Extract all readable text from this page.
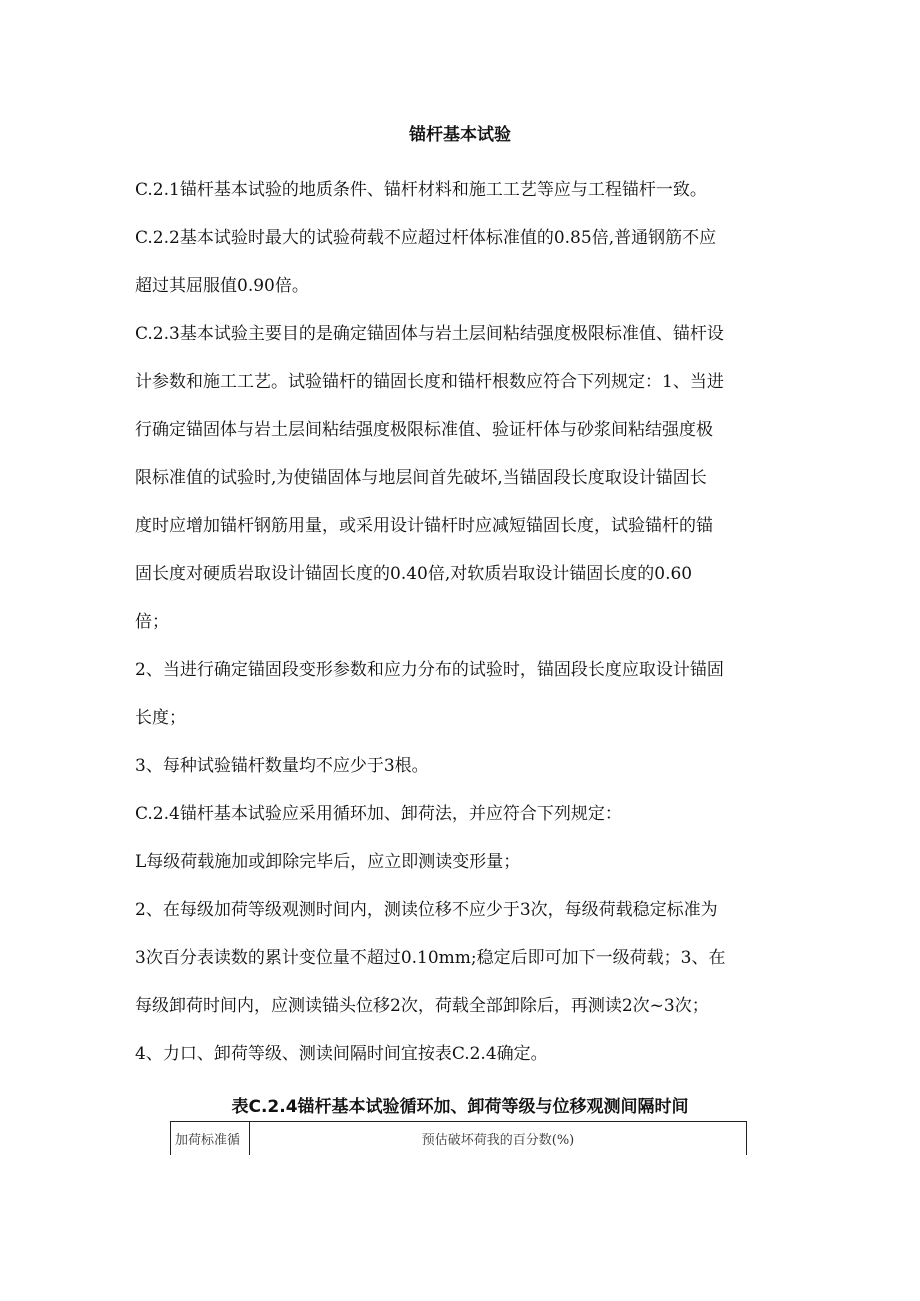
锚杆基本试验

C.2.1锚杆基本试验的地质条件、锚杆材料和施工工艺等应与工程锚杆一致。

C.2.2基本试验时最大的试验荷载不应超过杆体标准值的0.85倍,普通钢筋不应

超过其屈服值0.90倍。

C.2.3基本试验主要目的是确定锚固体与岩土层间粘结强度极限标准值、锚杆设

计参数和施工工艺。试验锚杆的锚固长度和锚杆根数应符合下列规定：1、当进

行确定锚固体与岩土层间粘结强度极限标准值、验证杆体与砂浆间粘结强度极

限标准值的试验时,为使锚固体与地层间首先破坏,当锚固段长度取设计锚固长

度时应增加锚杆钢筋用量，或采用设计锚杆时应减短锚固长度，试验锚杆的锚

固长度对硬质岩取设计锚固长度的0.40倍,对软质岩取设计锚固长度的0.60

倍；

2、当进行确定锚固段变形参数和应力分布的试验时，锚固段长度应取设计锚固

长度；

3、每种试验锚杆数量均不应少于3根。

C.2.4锚杆基本试验应采用循环加、卸荷法，并应符合下列规定：

L每级荷载施加或卸除完毕后，应立即测读变形量；

2、在每级加荷等级观测时间内，测读位移不应少于3次，每级荷载稳定标准为

3次百分表读数的累计变位量不超过0.10mm;稳定后即可加下一级荷载；3、在

每级卸荷时间内，应测读锚头位移2次，荷载全部卸除后，再测读2次~3次；

4、力口、卸荷等级、测读间隔时间宜按表C.2.4确定。

表C.2.4锚杆基本试验循环加、卸荷等级与位移观测间隔时间
加荷标准循	预估破坏荷我的百分数(%)
